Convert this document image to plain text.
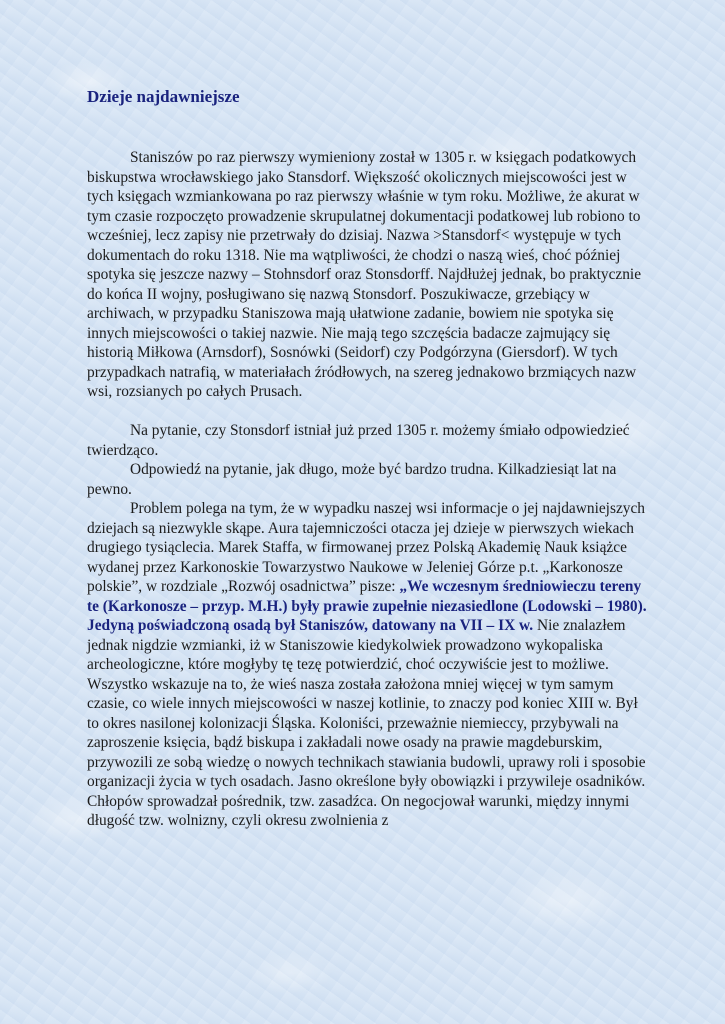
Dzieje najdawniejsze

Staniszów po raz pierwszy wymieniony został w 1305 r. w księgach podatkowych biskupstwa wrocławskiego jako Stansdorf. Większość okolicznych miejscowości jest w tych księgach wzmiankowana po raz pierwszy właśnie w tym roku. Możliwe, że akurat w tym czasie rozpoczęto prowadzenie skrupulatnej dokumentacji podatkowej lub robiono to wcześniej, lecz zapisy nie przetrwały do dzisiaj. Nazwa >Stansdorf< występuje w tych dokumentach do roku 1318. Nie ma wątpliwości, że chodzi o naszą wieś, choć później spotyka się jeszcze nazwy – Stohnsdorf oraz Stonsdorff. Najdłużej jednak, bo praktycznie do końca II wojny, posługiwano się nazwą Stonsdorf. Poszukiwacze, grzebiący w archiwach, w przypadku Staniszowa mają ułatwione zadanie, bowiem nie spotyka się innych miejscowości o takiej nazwie. Nie mają tego szczęścia badacze zajmujący się historią Miłkowa (Arnsdorf), Sosnówki (Seidorf) czy Podgórzyna (Giersdorf). W tych przypadkach natrafią, w materiałach źródłowych, na szereg jednakowo brzmiących nazw wsi, rozsianych po całych Prusach.

Na pytanie, czy Stonsdorf istniał już przed 1305 r. możemy śmiało odpowiedzieć twierdząco.

Odpowiedź na pytanie, jak długo, może być bardzo trudna. Kilkadziesiąt lat na pewno.

Problem polega na tym, że w wypadku naszej wsi informacje o jej najdawniejszych dziejach są niezwykle skąpe. Aura tajemniczości otacza jej dzieje w pierwszych wiekach drugiego tysiąclecia. Marek Staffa, w firmowanej przez Polską Akademię Nauk książce wydanej przez Karkonoskie Towarzystwo Naukowe w Jeleniej Górze p.t. „Karkonosze polskie”, w rozdziale „Rozwój osadnictwa” pisze: „We wczesnym średniowieczu tereny te (Karkonosze – przyp. M.H.) były prawie zupełnie niezasiedlone (Lodowski – 1980). Jedyną poświadczoną osadą był Staniszów, datowany na VII – IX w. Nie znalazłem jednak nigdzie wzmianki, iż w Staniszowie kiedykolwiek prowadzono wykopaliska archeologiczne, które mogłyby tę tezę potwierdzić, choć oczywiście jest to możliwe. Wszystko wskazuje na to, że wieś nasza została założona mniej więcej w tym samym czasie, co wiele innych miejscowości w naszej kotlinie, to znaczy pod koniec XIII w. Był to okres nasilonej kolonizacji Śląska. Koloniści, przeważnie niemieccy, przybywali na zaproszenie księcia, bądź biskupa i zakładali nowe osady na prawie magdeburskim, przywozili ze sobą wiedzę o nowych technikach stawiania budowli, uprawy roli i sposobie organizacji życia w tych osadach. Jasno określone były obowiązki i przywileje osadników. Chłopów sprowadzał pośrednik, tzw. zasadźca. On negocjował warunki, między innymi długość tzw. wolnizny, czyli okresu zwolnienia z
